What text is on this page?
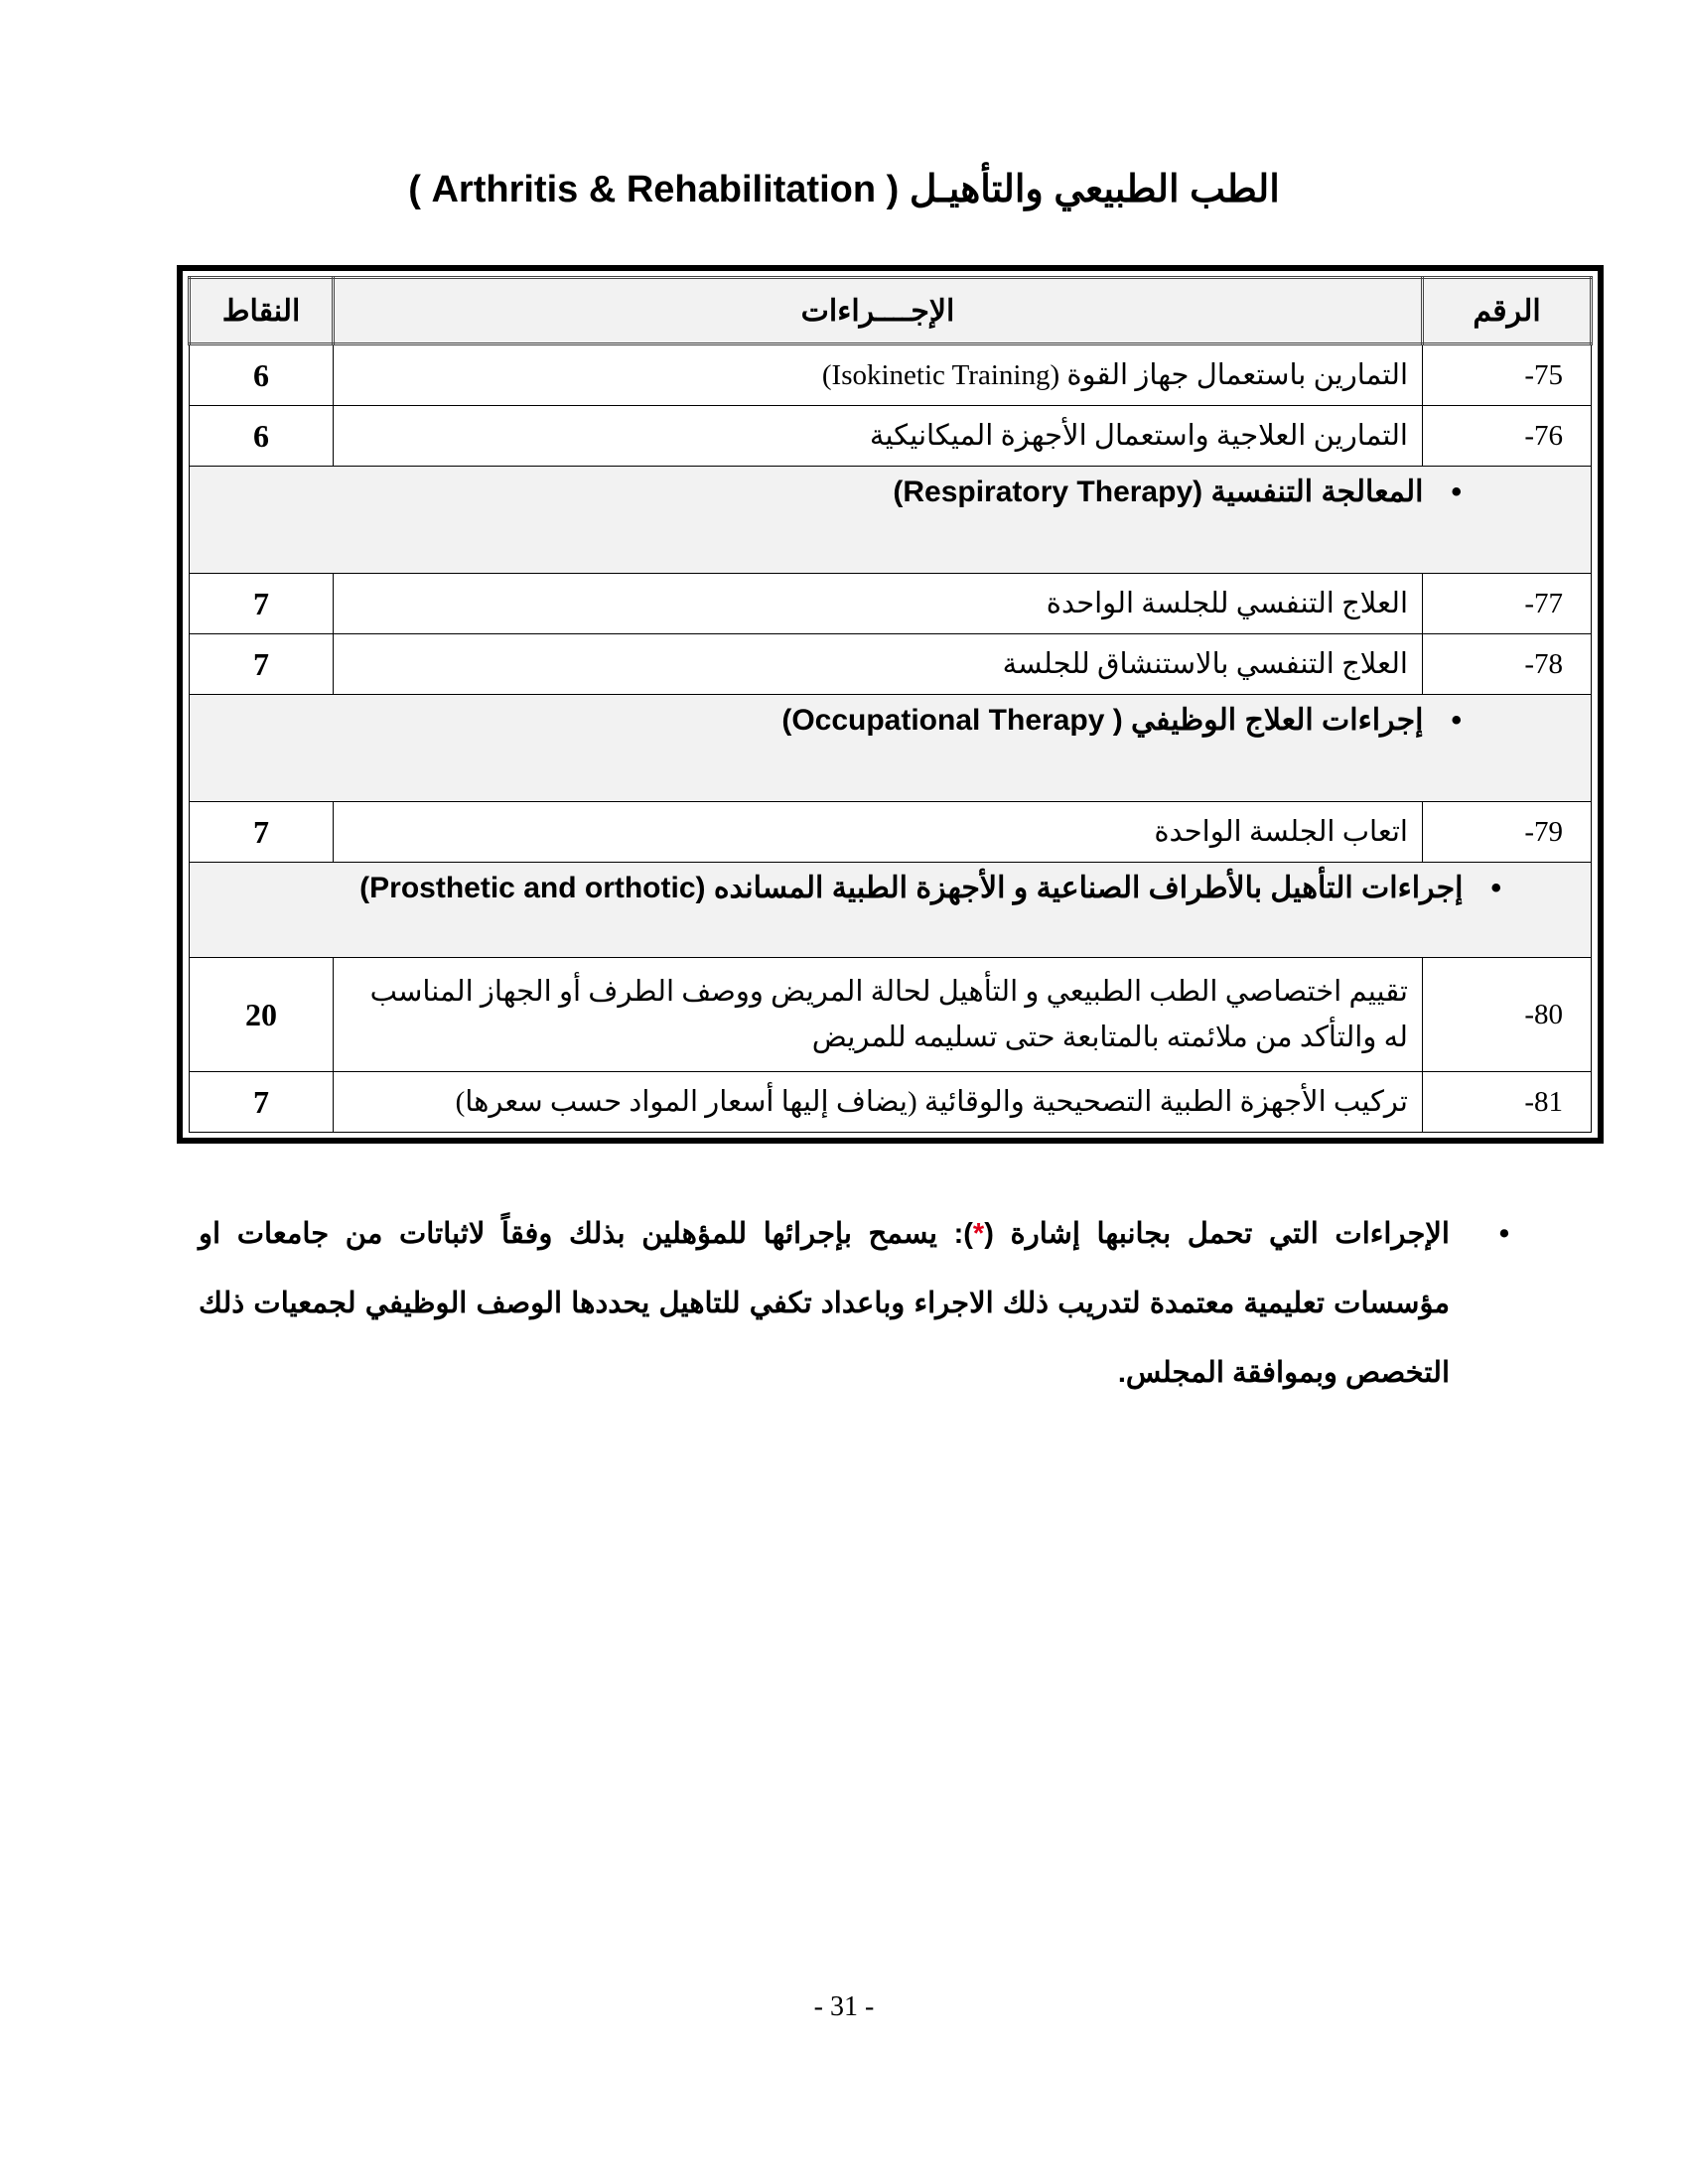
الطب الطبيعي والتأهيـل ( Arthritis & Rehabilitation )
الرقم	الإجــــراءات	النقاط
75-	التمارين باستعمال جهاز القوة (Isokinetic Training)	6
76-	التمارين العلاجية واستعمال الأجهزة الميكانيكية	6
•المعالجة التنفسية (Respiratory Therapy)		
77-	العلاج التنفسي للجلسة الواحدة	7
78-	العلاج التنفسي بالاستنشاق للجلسة	7
•إجراءات العلاج الوظيفي ( Occupational Therapy)		
79-	اتعاب الجلسة الواحدة	7
•إجراءات التأهيل بالأطراف الصناعية و الأجهزة الطبية المسانده (Prosthetic and orthotic)		
80-	تقييم اختصاصي الطب الطبيعي و التأهيل لحالة المريض ووصف الطرف أو الجهاز المناسب له والتأكد من ملائمته بالمتابعة حتى تسليمه للمريض	20
81-	تركيب الأجهزة الطبية التصحيحية والوقائية (يضاف إليها أسعار المواد حسب سعرها)	7
•
الإجراءات التي تحمل بجانبها إشارة (*): يسمح بإجرائها للمؤهلين بذلك وفقاً لاثباتات من جامعات او مؤسسات تعليمية معتمدة لتدريب ذلك الاجراء وباعداد تكفي للتاهيل يحددها الوصف الوظيفي لجمعيات ذلك التخصص وبموافقة المجلس.
- 31 -
